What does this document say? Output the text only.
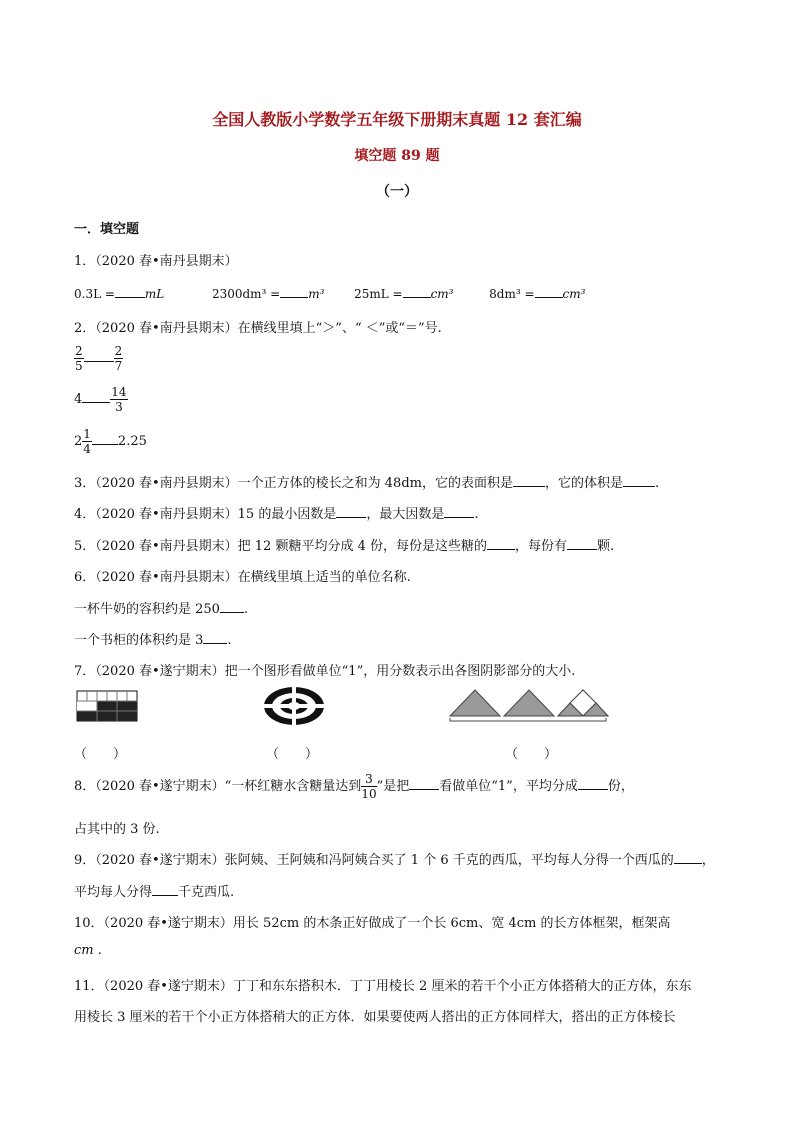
全国人教版小学数学五年级下册期末真题 12 套汇编
填空题 89 题
（一）
一．填空题
1．（2020 春•南丹县期末）
0.3L =	mL	2300dm³ = m³ 25mL = cm³	8dm³ = cm³
2．（2020 春•南丹县期末）在横线里填上“＞”、“ ＜”或“＝”号.
$\frac{2}{5}$	$\frac{2}{7}$
$4 \frac{14}{3}$
$2 \frac{1}{4} 2.25$
3．（2020 春•南丹县期末）一个正方体的棱长之和为 48dm，它的表面积是 ，它的体积是 .
4．（2020 春•南丹县期末）15 的最小因数是 ，最大因数是 .
5．（2020 春•南丹县期末）把 12 颗糖平均分成 4 份，每份是这些糖的 ，每份有 颗.
6．（2020 春•南丹县期末）在横线里填上适当的单位名称.
一杯牛奶的容积约是 250 .
一个书柜的体积约是 3 .
7．（2020 春•遂宁期末）把一个图形看做单位“1”，用分数表示出各图阴影部分的大小.
（　　）	（　　）	（　　）
8．（2020 春•遂宁期末）“一杯红糖水含糖量达到 $\frac{3}{10}$ ”是把 看做单位“1”，平均分成 份，
占其中的 3 份.
9．（2020 春•遂宁期末）张阿姨、王阿姨和冯阿姨合买了 1 个 6 千克的西瓜，平均每人分得一个西瓜的 ，
平均每人分得 千克西瓜.
10．（2020 春•遂宁期末）用长 52cm 的木条正好做成了一个长 6cm、宽 4cm 的长方体框架，框架高
cm .
11．（2020 春•遂宁期末）丁丁和东东搭积木．丁丁用棱长 2 厘米的若干个小正方体搭稍大的正方体，东东
用棱长 3 厘米的若干个小正方体搭稍大的正方体．如果要使两人搭出的正方体同样大，搭出的正方体棱长
